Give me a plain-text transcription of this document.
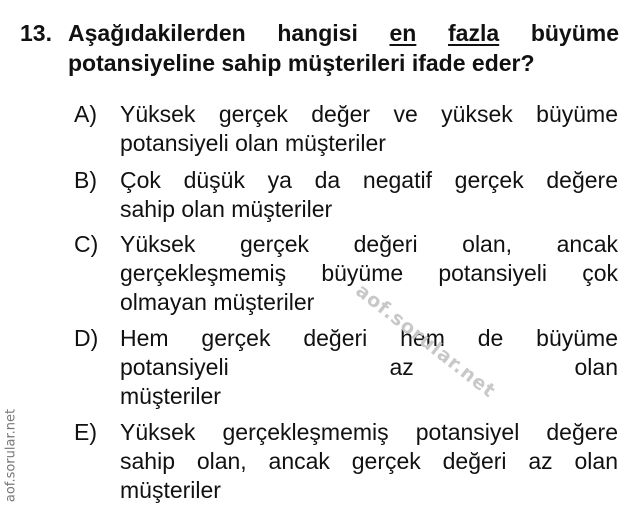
13. Aşağıdakilerden hangisi en fazla büyüme
potansiyeline sahip müşterileri ifade eder?
A) Yüksek gerçek değer ve yüksek büyüme
potansiyeli olan müşteriler
B) Çok düşük ya da negatif gerçek değere
sahip olan müşteriler
C) Yüksek gerçek değeri olan, ancak
gerçekleşmemiş büyüme potansiyeli çok
olmayan müşteriler
D) Hem gerçek değeri hem de büyüme
potansiyeli az olan
müşteriler
E) Yüksek gerçekleşmemiş potansiyel değere
sahip olan, ancak gerçek değeri az olan
müşteriler
aof.sorular.net
aof.sorular.net
